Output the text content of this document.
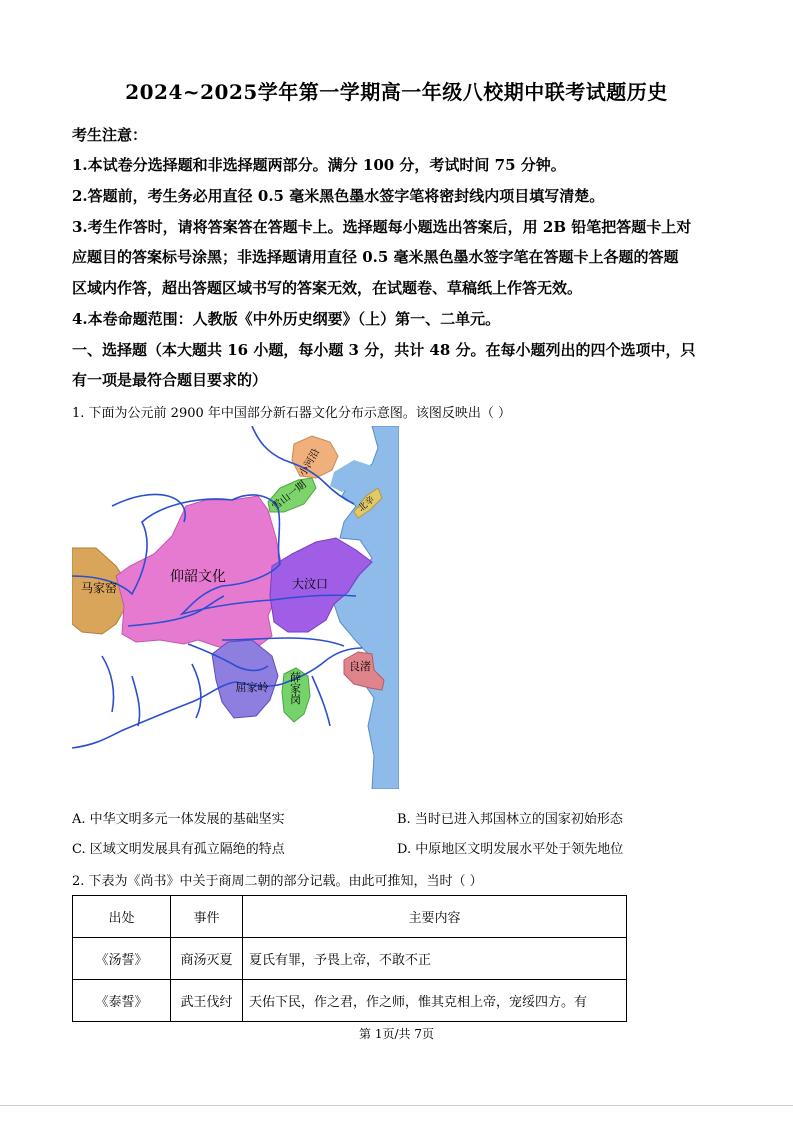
2024~2025学年第一学期高一年级八校期中联考试题历史
考生注意：
1.本试卷分选择题和非选择题两部分。满分 100 分，考试时间 75 分钟。
2.答题前，考生务必用直径 0.5 毫米黑色墨水签字笔将密封线内项目填写清楚。
3.考生作答时，请将答案答在答题卡上。选择题每小题选出答案后，用 2B 铅笔把答题卡上对
应题目的答案标号涂黑；非选择题请用直径 0.5 毫米黑色墨水签字笔在答题卡上各题的答题
区域内作答，超出答题区域书写的答案无效，在试题卷、草稿纸上作答无效。
4.本卷命题范围：人教版《中外历史纲要》（上）第一、二单元。
一、选择题（本大题共 16 小题，每小题 3 分，共计 48 分。在每小题列出的四个选项中，只
有一项是最符合题目要求的）
1. 下面为公元前 2900 年中国部分新石器文化分布示意图。该图反映出（ ）
小河沿
雪山一期	北辛
仰韶文化
马家窑	大汶口
良渚
屈家岭 薛家岗
A. 中华文明多元一体发展的基础坚实	B. 当时已进入邦国林立的国家初始形态
C. 区域文明发展具有孤立隔绝的特点	D. 中原地区文明发展水平处于领先地位
2. 下表为《尚书》中关于商周二朝的部分记载。由此可推知，当时（ ）
出处	事件	主要内容
《汤誓》	商汤灭夏	夏氏有罪，予畏上帝，不敢不正
《泰誓》	武王伐纣	天佑下民，作之君，作之师，惟其克相上帝，宠绥四方。有
第 1页/共 7页
